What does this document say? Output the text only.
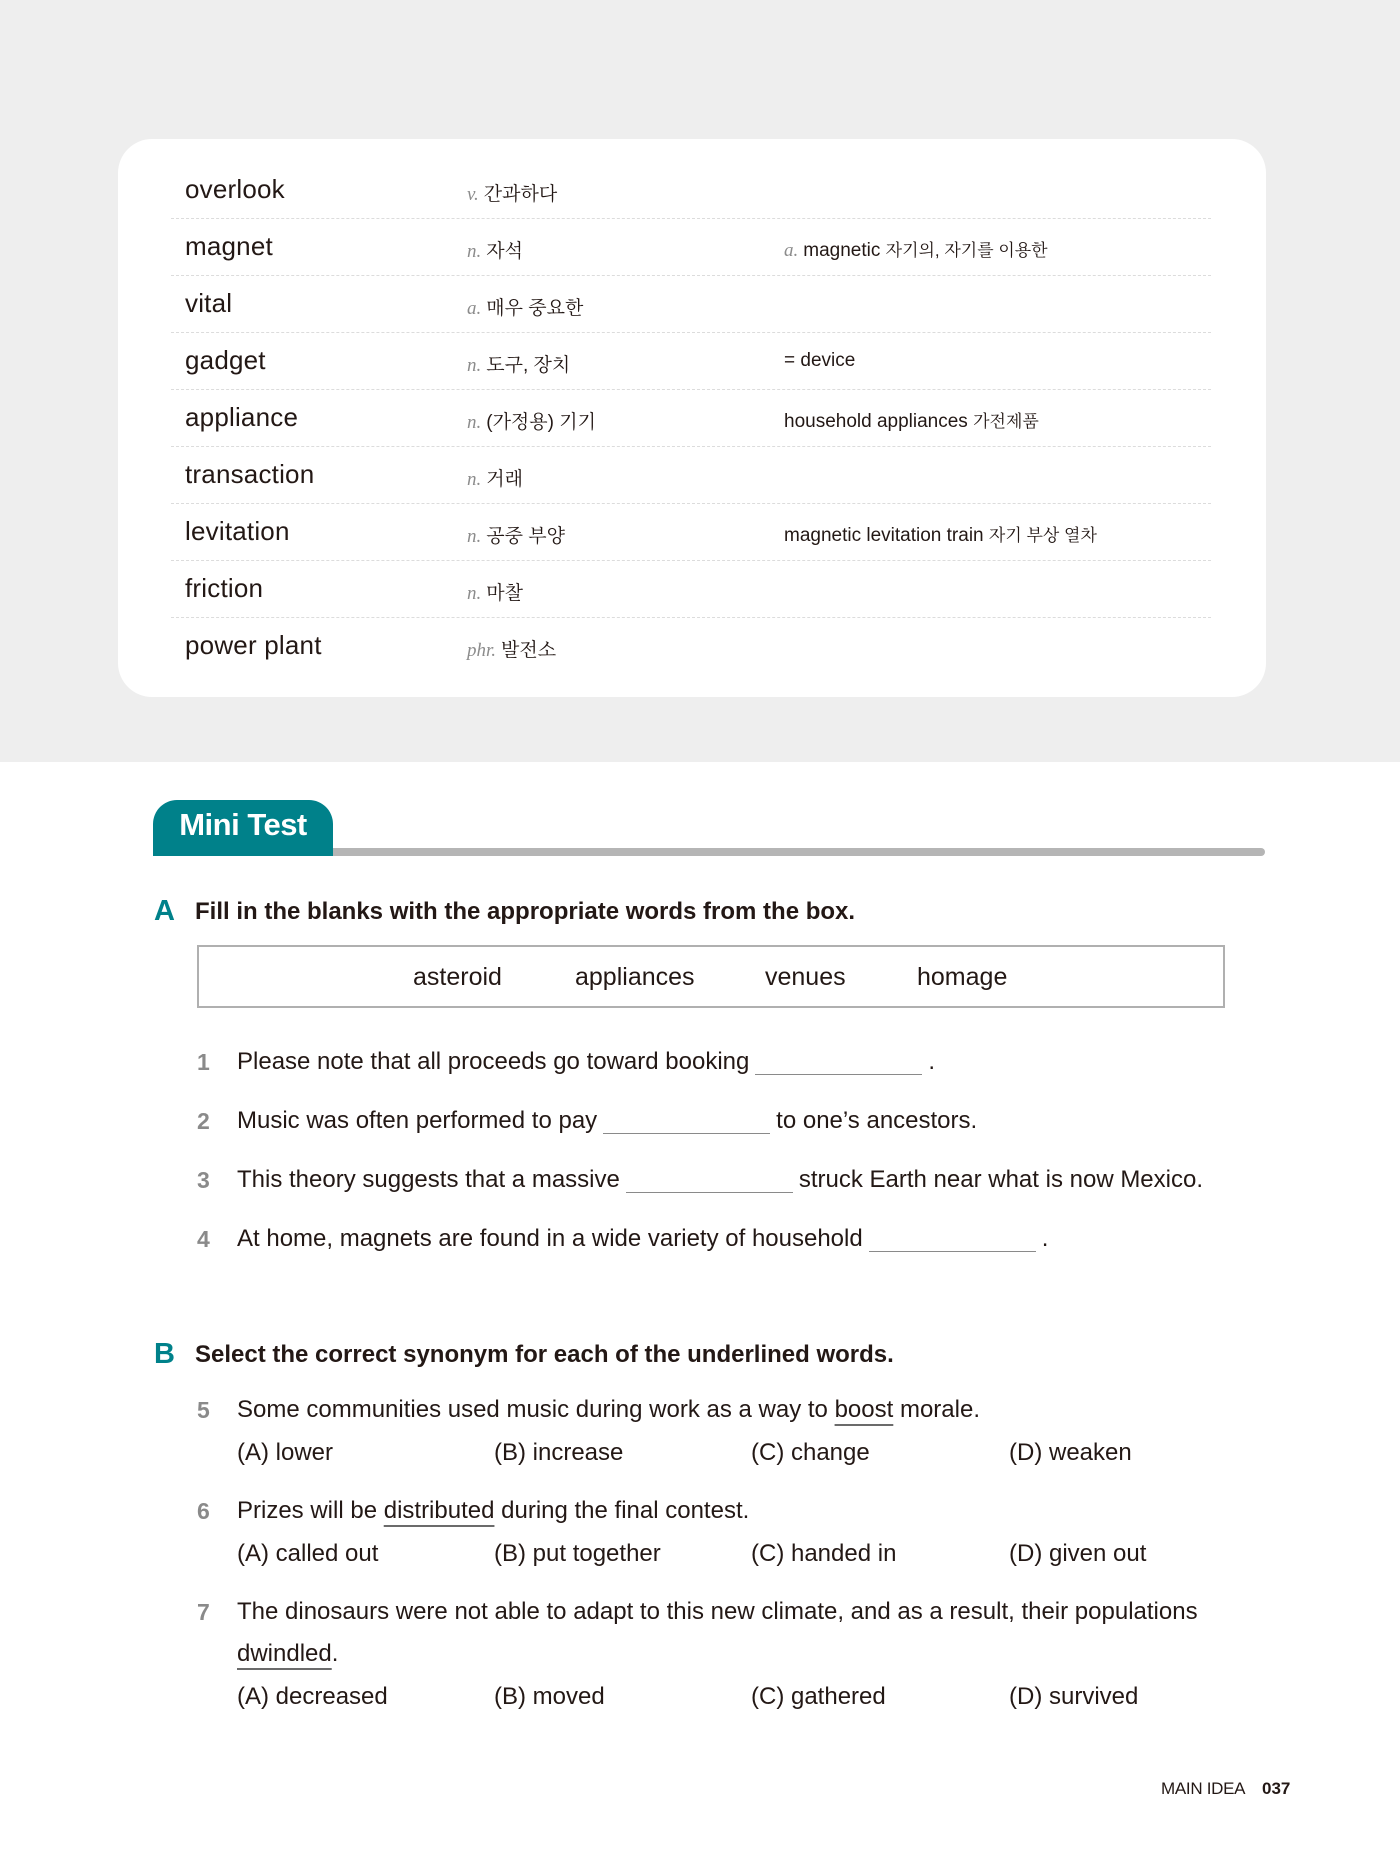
overlook	v. 간과하다
magnet	n. 자석	a. magnetic 자기의, 자기를 이용한
vital	a. 매우 중요한
gadget	n. 도구, 장치	= device
appliance	n. (가정용) 기기	household appliances 가전제품
transaction	n. 거래
levitation	n. 공중 부양	magnetic levitation train 자기 부상 열차
friction	n. 마찰
power plant	phr. 발전소
Mini Test
A Fill in the blanks with the appropriate words from the box.
asteroid	appliances	venues	homage
1 Please note that all proceeds go toward booking	.
2 Music was often performed to pay	to one’s ancestors.
3 This theory suggests that a massive	struck Earth near what is now Mexico.
4 At home, magnets are found in a wide variety of household	.
B Select the correct synonym for each of the underlined words.
5 Some communities used music during work as a way to boost morale.
(A) lower	(B) increase	(C) change	(D) weaken
6 Prizes will be distributed during the final contest.
(A) called out	(B) put together	(C) handed in	(D) given out
7 The dinosaurs were not able to adapt to this new climate, and as a result, their populations
dwindled.
(A) decreased	(B) moved	(C) gathered	(D) survived
MAIN IDEA 037
